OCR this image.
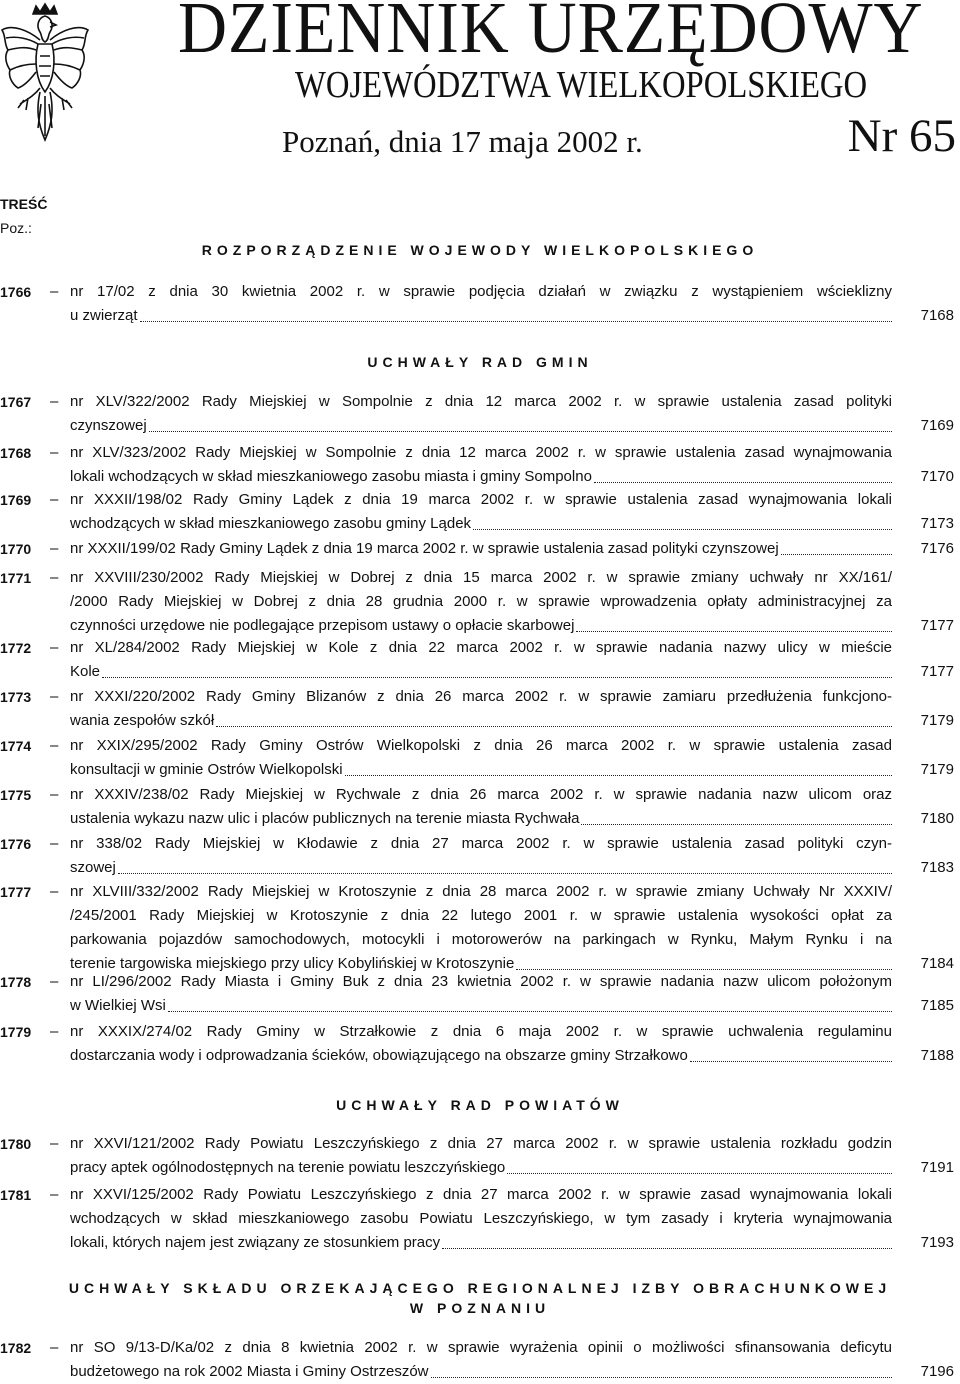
DZIENNIK URZĘDOWY
WOJEWÓDZTWA WIELKOPOLSKIEGO
Poznań, dnia 17 maja 2002 r.	Nr 65
TREŚĆ
Poz.:
ROZPORZĄDZENIE WOJEWODY WIELKOPOLSKIEGO
1766 – nr 17/02 z dnia 30 kwietnia 2002 r. w sprawie podjęcia działań w związku z wystąpieniem wścieklizny
u zwierząt	7168
UCHWAŁY RAD GMIN
1767 – nr XLV/322/2002 Rady Miejskiej w Sompolnie z dnia 12 marca 2002 r. w sprawie ustalenia zasad polityki
czynszowej	7169
1768 – nr XLV/323/2002 Rady Miejskiej w Sompolnie z dnia 12 marca 2002 r. w sprawie ustalenia zasad wynajmowania
lokali wchodzących w skład mieszkaniowego zasobu miasta i gminy Sompolno	7170
1769 – nr XXXII/198/02 Rady Gminy Lądek z dnia 19 marca 2002 r. w sprawie ustalenia zasad wynajmowania lokali
wchodzących w skład mieszkaniowego zasobu gminy Lądek	7173
1770 – nr XXXII/199/02 Rady Gminy Lądek z dnia 19 marca 2002 r. w sprawie ustalenia zasad polityki czynszowej	7176
1771 – nr XXVIII/230/2002 Rady Miejskiej w Dobrej z dnia 15 marca 2002 r. w sprawie zmiany uchwały nr XX/161/
/2000 Rady Miejskiej w Dobrej z dnia 28 grudnia 2000 r. w sprawie wprowadzenia opłaty administracyjnej za
czynności urzędowe nie podlegające przepisom ustawy o opłacie skarbowej	7177
1772 – nr XL/284/2002 Rady Miejskiej w Kole z dnia 22 marca 2002 r. w sprawie nadania nazwy ulicy w mieście
Kole	7177
1773 – nr XXXI/220/2002 Rady Gminy Blizanów z dnia 26 marca 2002 r. w sprawie zamiaru przedłużenia funkcjono-
wania zespołów szkół	7179
1774 – nr XXIX/295/2002 Rady Gminy Ostrów Wielkopolski z dnia 26 marca 2002 r. w sprawie ustalenia zasad
konsultacji w gminie Ostrów Wielkopolski	7179
1775 – nr XXXIV/238/02 Rady Miejskiej w Rychwale z dnia 26 marca 2002 r. w sprawie nadania nazw ulicom oraz
ustalenia wykazu nazw ulic i placów publicznych na terenie miasta Rychwała	7180
1776 – nr 338/02 Rady Miejskiej w Kłodawie z dnia 27 marca 2002 r. w sprawie ustalenia zasad polityki czyn-
szowej	7183
1777 – nr XLVIII/332/2002 Rady Miejskiej w Krotoszynie z dnia 28 marca 2002 r. w sprawie zmiany Uchwały Nr XXXIV/
/245/2001 Rady Miejskiej w Krotoszynie z dnia 22 lutego 2001 r. w sprawie ustalenia wysokości opłat za
parkowania pojazdów samochodowych, motocykli i motorowerów na parkingach w Rynku, Małym Rynku i na
terenie targowiska miejskiego przy ulicy Kobylińskiej w Krotoszynie	7184
1778 – nr LI/296/2002 Rady Miasta i Gminy Buk z dnia 23 kwietnia 2002 r. w sprawie nadania nazw ulicom położonym
w Wielkiej Wsi	7185
1779 – nr XXXIX/274/02 Rady Gminy w Strzałkowie z dnia 6 maja 2002 r. w sprawie uchwalenia regulaminu
dostarczania wody i odprowadzania ścieków, obowiązującego na obszarze gminy Strzałkowo	7188
UCHWAŁY RAD POWIATÓW
1780 – nr XXVI/121/2002 Rady Powiatu Leszczyńskiego z dnia 27 marca 2002 r. w sprawie ustalenia rozkładu godzin
pracy aptek ogólnodostępnych na terenie powiatu leszczyńskiego	7191
1781 – nr XXVI/125/2002 Rady Powiatu Leszczyńskiego z dnia 27 marca 2002 r. w sprawie zasad wynajmowania lokali
wchodzących w skład mieszkaniowego zasobu Powiatu Leszczyńskiego, w tym zasady i kryteria wynajmowania
lokali, których najem jest związany ze stosunkiem pracy	7193
UCHWAŁY SKŁADU ORZEKAJĄCEGO REGIONALNEJ IZBY OBRACHUNKOWEJ
W POZNANIU
1782 – nr SO 9/13-D/Ka/02 z dnia 8 kwietnia 2002 r. w sprawie wyrażenia opinii o możliwości sfinansowania deficytu
budżetowego na rok 2002 Miasta i Gminy Ostrzeszów	7196
